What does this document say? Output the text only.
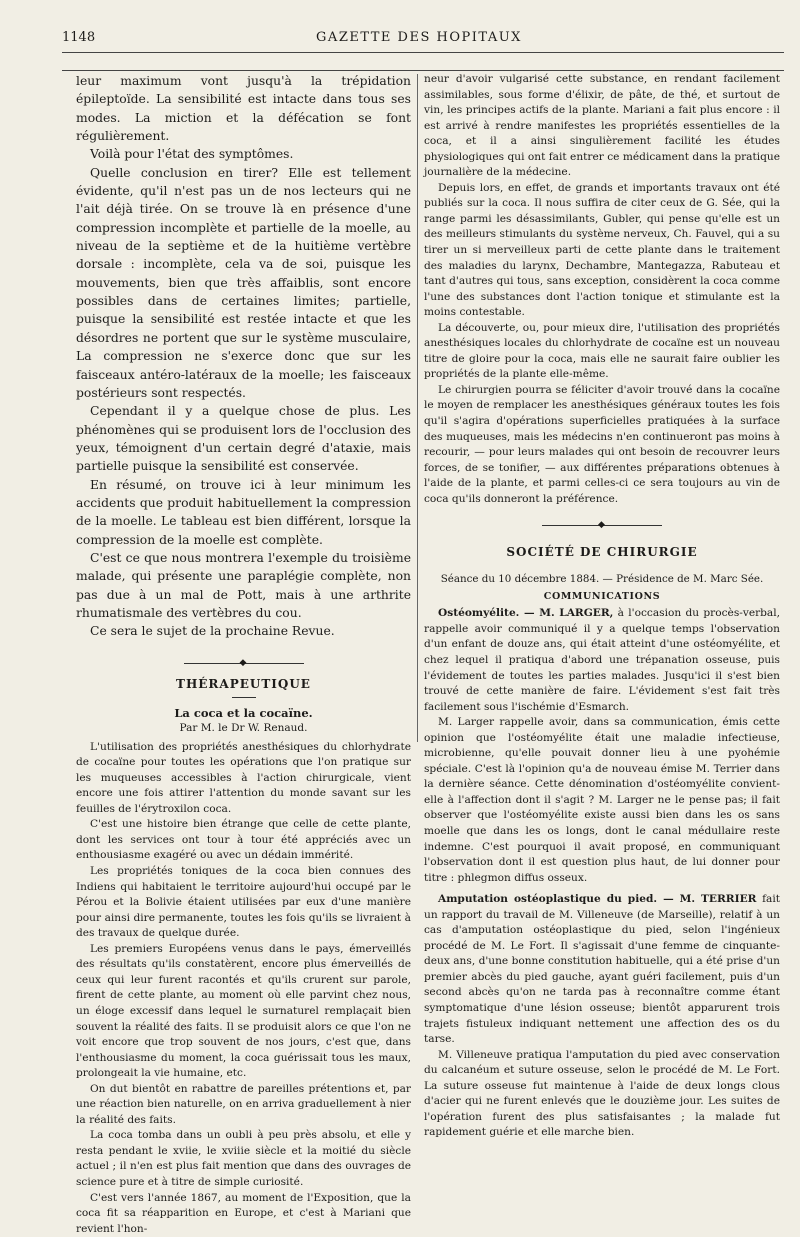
1148	GAZETTE DES HOPITAUX

leur maximum vont jusqu'à la trépidation épileptoïde. La sensibilité est intacte dans tous ses modes. La miction et la défécation se font régulièrement.

Voilà pour l'état des symptômes.

Quelle conclusion en tirer? Elle est tellement évidente, qu'il n'est pas un de nos lecteurs qui ne l'ait déjà tirée. On se trouve là en présence d'une compression incomplète et partielle de la moelle, au niveau de la septième et de la huitième vertèbre dorsale : incomplète, cela va de soi, puisque les mouvements, bien que très affaiblis, sont encore possibles dans de certaines limites; partielle, puisque la sensibilité est restée intacte et que les désordres ne portent que sur le système musculaire, La compression ne s'exerce donc que sur les faisceaux antéro-latéraux de la moelle; les faisceaux postérieurs sont respectés.

Cependant il y a quelque chose de plus. Les phénomènes qui se produisent lors de l'occlusion des yeux, témoignent d'un certain degré d'ataxie, mais partielle puisque la sensibilité est conservée.

En résumé, on trouve ici à leur minimum les accidents que produit habituellement la compression de la moelle. Le tableau est bien différent, lorsque la compression de la moelle est complète.

C'est ce que nous montrera l'exemple du troisième malade, qui présente une paraplégie complète, non pas due à un mal de Pott, mais à une arthrite rhumatismale des vertèbres du cou.

Ce sera le sujet de la prochaine Revue.

◆

THÉRAPEUTIQUE

La coca et la cocaïne.

Par M. le Dr W. Renaud.

L'utilisation des propriétés anesthésiques du chlorhydrate de cocaïne pour toutes les opérations que l'on pratique sur les muqueuses accessibles à l'action chirurgicale, vient encore une fois attirer l'attention du monde savant sur les feuilles de l'érytroxilon coca.

C'est une histoire bien étrange que celle de cette plante, dont les services ont tour à tour été appréciés avec un enthousiasme exagéré ou avec un dédain immérité.

Les propriétés toniques de la coca bien connues des Indiens qui habitaient le territoire aujourd'hui occupé par le Pérou et la Bolivie étaient utilisées par eux d'une manière pour ainsi dire permanente, toutes les fois qu'ils se livraient à des travaux de quelque durée.

Les premiers Européens venus dans le pays, émerveillés des résultats qu'ils constatèrent, encore plus émerveillés de ceux qui leur furent racontés et qu'ils crurent sur parole, firent de cette plante, au moment où elle parvint chez nous, un éloge excessif dans lequel le surnaturel remplaçait bien souvent la réalité des faits. Il se produisit alors ce que l'on ne voit encore que trop souvent de nos jours, c'est que, dans l'enthousiasme du moment, la coca guérissait tous les maux, prolongeait la vie humaine, etc.

On dut bientôt en rabattre de pareilles prétentions et, par une réaction bien naturelle, on en arriva graduellement à nier la réalité des faits.

La coca tomba dans un oubli à peu près absolu, et elle y resta pendant le xviie, le xviiie siècle et la moitié du siècle actuel ; il n'en est plus fait mention que dans des ouvrages de science pure et à titre de simple curiosité.

C'est vers l'année 1867, au moment de l'Exposition, que la coca fit sa réapparition en Europe, et c'est à Mariani que revient l'hon-

neur d'avoir vulgarisé cette substance, en rendant facilement assimilables, sous forme d'élixir, de pâte, de thé, et surtout de vin, les principes actifs de la plante. Mariani a fait plus encore : il est arrivé à rendre manifestes les propriétés essentielles de la coca, et il a ainsi singulièrement facilité les études physiologiques qui ont fait entrer ce médicament dans la pratique journalière de la médecine.

Depuis lors, en effet, de grands et importants travaux ont été publiés sur la coca. Il nous suffira de citer ceux de G. Sée, qui la range parmi les désassimilants, Gubler, qui pense qu'elle est un des meilleurs stimulants du système nerveux, Ch. Fauvel, qui a su tirer un si merveilleux parti de cette plante dans le traitement des maladies du larynx, Dechambre, Mantegazza, Rabuteau et tant d'autres qui tous, sans exception, considèrent la coca comme l'une des substances dont l'action tonique et stimulante est la moins contestable.

La découverte, ou, pour mieux dire, l'utilisation des propriétés anesthésiques locales du chlorhydrate de cocaïne est un nouveau titre de gloire pour la coca, mais elle ne saurait faire oublier les propriétés de la plante elle-même.

Le chirurgien pourra se féliciter d'avoir trouvé dans la cocaïne le moyen de remplacer les anesthésiques généraux toutes les fois qu'il s'agira d'opérations superficielles pratiquées à la surface des muqueuses, mais les médecins n'en continueront pas moins à recourir, — pour leurs malades qui ont besoin de recouvrer leurs forces, de se tonifier, — aux différentes préparations obtenues à l'aide de la plante, et parmi celles-ci ce sera toujours au vin de coca qu'ils donneront la préférence.

◆

SOCIÉTÉ DE CHIRURGIE

Séance du 10 décembre 1884. — Présidence de M. Marc Sée.

COMMUNICATIONS

Ostéomyélite. — M. LARGER, à l'occasion du procès-verbal, rappelle avoir communiqué il y a quelque temps l'observation d'un enfant de douze ans, qui était atteint d'une ostéomyélite, et chez lequel il pratiqua d'abord une trépanation osseuse, puis l'évidement de toutes les parties malades. Jusqu'ici il s'est bien trouvé de cette manière de faire. L'évidement s'est fait très facilement sous l'ischémie d'Esmarch.

M. Larger rappelle avoir, dans sa communication, émis cette opinion que l'ostéomyélite était une maladie infectieuse, microbienne, qu'elle pouvait donner lieu à une pyohémie spéciale. C'est là l'opinion qu'a de nouveau émise M. Terrier dans la dernière séance. Cette dénomination d'ostéomyélite convient-elle à l'affection dont il s'agit ? M. Larger ne le pense pas; il fait observer que l'ostéomyélite existe aussi bien dans les os sans moelle que dans les os longs, dont le canal médullaire reste indemne. C'est pourquoi il avait proposé, en communiquant l'observation dont il est question plus haut, de lui donner pour titre : phlegmon diffus osseux.

Amputation ostéoplastique du pied. — M. TERRIER fait un rapport du travail de M. Villeneuve (de Marseille), relatif à un cas d'amputation ostéoplastique du pied, selon l'ingénieux procédé de M. Le Fort. Il s'agissait d'une femme de cinquante-deux ans, d'une bonne constitution habituelle, qui a été prise d'un premier abcès du pied gauche, ayant guéri facilement, puis d'un second abcès qu'on ne tarda pas à reconnaître comme étant symptomatique d'une lésion osseuse; bientôt apparurent trois trajets fistuleux indiquant nettement une affection des os du tarse.

M. Villeneuve pratiqua l'amputation du pied avec conservation du calcanéum et suture osseuse, selon le procédé de M. Le Fort. La suture osseuse fut maintenue à l'aide de deux longs clous d'acier qui ne furent enlevés que le douzième jour. Les suites de l'opération furent des plus satisfaisantes ; la malade fut rapidement guérie et elle marche bien.
